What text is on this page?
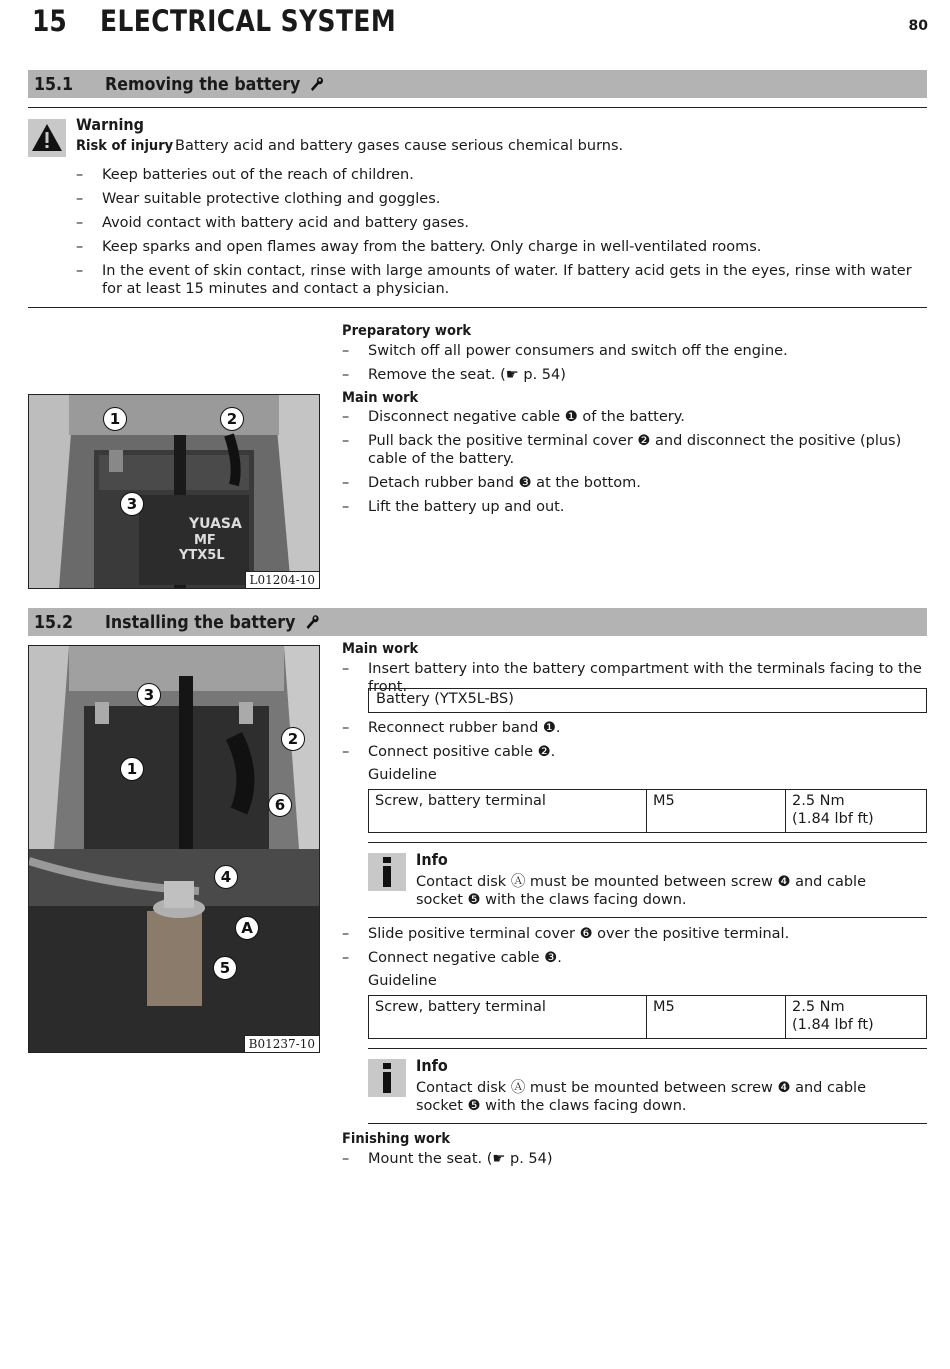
15 ELECTRICAL SYSTEM	80
15.1 Removing the battery
Warning
Risk of injury Battery acid and battery gases cause serious chemical burns.
– Keep batteries out of the reach of children.
– Wear suitable protective clothing and goggles.
– Avoid contact with battery acid and battery gases.
– Keep sparks and open flames away from the battery. Only charge in well-ventilated rooms.
– In the event of skin contact, rinse with large amounts of water. If battery acid gets in the eyes, rinse with water for at least 15 minutes and contact a physician.
YUASA
MF
YTX5L
1	2
3
L01204-10
Preparatory work
– Switch off all power consumers and switch off the engine.
– Remove the seat. (☛ p. 54)
Main work
– Disconnect negative cable ❶ of the battery.
– Pull back the positive terminal cover ❷ and disconnect the positive (plus) cable of the battery.
– Detach rubber band ❸ at the bottom.
– Lift the battery up and out.
15.2 Installing the battery
3
2
1
6
4
A
5
B01237-10
Main work
– Insert battery into the battery compartment with the terminals facing to the front.
Battery (YTX5L-BS)
– Reconnect rubber band ❶.
– Connect positive cable ❷.
Guideline
Screw, battery terminal	M5	2.5 Nm
(1.84 lbf ft)
Info
Contact disk Ⓐ must be mounted between screw ❹ and cable socket ❺ with the claws facing down.
– Slide positive terminal cover ❻ over the positive terminal.
– Connect negative cable ❸.
Guideline
Screw, battery terminal	M5	2.5 Nm
(1.84 lbf ft)
Info
Contact disk Ⓐ must be mounted between screw ❹ and cable socket ❺ with the claws facing down.
Finishing work
– Mount the seat. (☛ p. 54)
